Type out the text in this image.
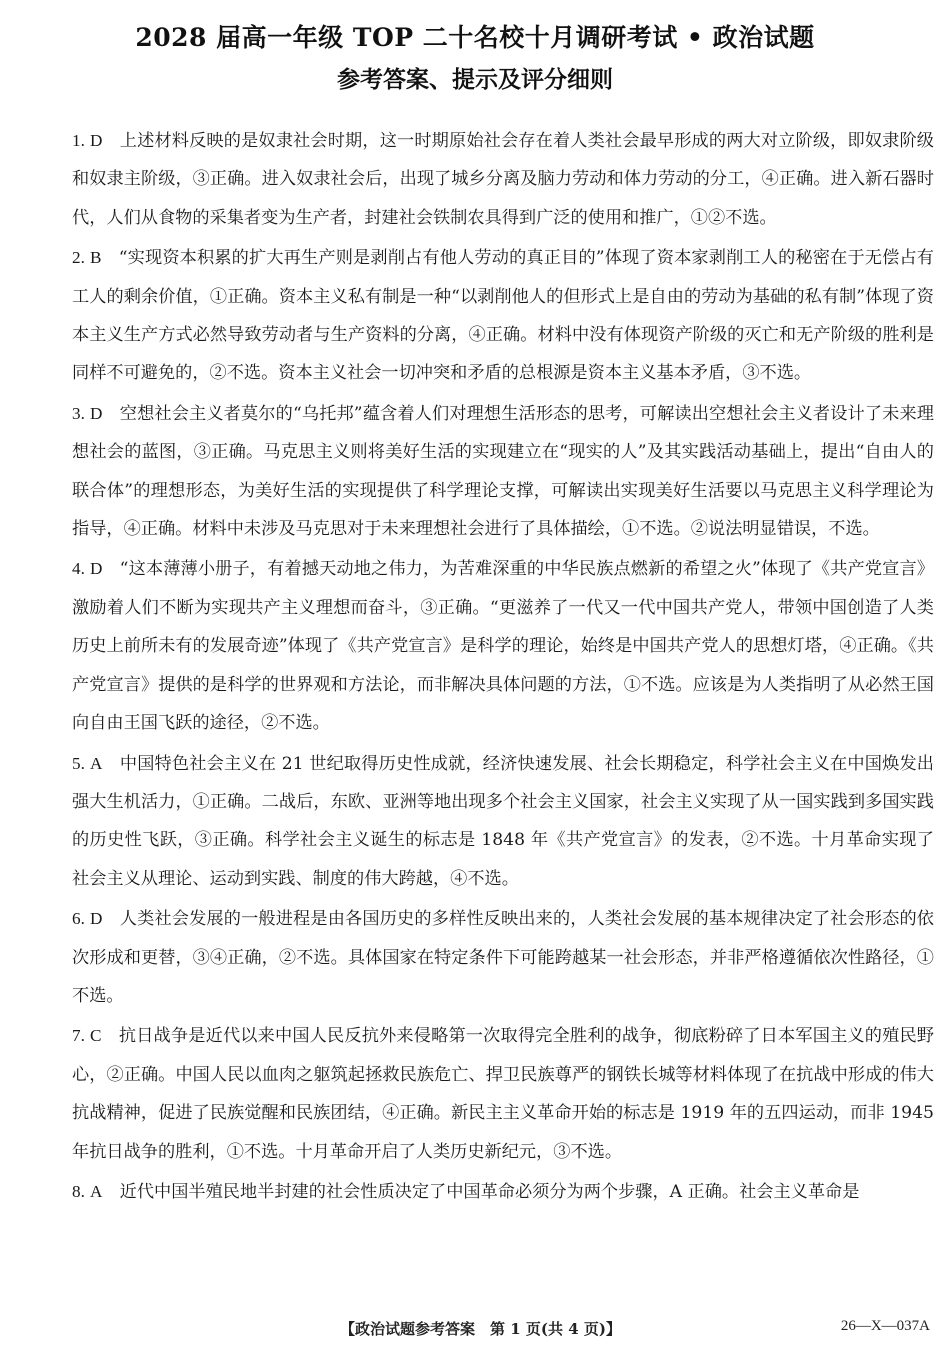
2028 届高一年级 TOP 二十名校十月调研考试 • 政治试题
参考答案、提示及评分细则

1. D 上述材料反映的是奴隶社会时期，这一时期原始社会存在着人类社会最早形成的两大对立阶级，即奴隶阶级和奴隶主阶级，③正确。进入奴隶社会后，出现了城乡分离及脑力劳动和体力劳动的分工，④正确。进入新石器时代，人们从食物的采集者变为生产者，封建社会铁制农具得到广泛的使用和推广，①②不选。

2. B “实现资本积累的扩大再生产则是剥削占有他人劳动的真正目的”体现了资本家剥削工人的秘密在于无偿占有工人的剩余价值，①正确。资本主义私有制是一种“以剥削他人的但形式上是自由的劳动为基础的私有制”体现了资本主义生产方式必然导致劳动者与生产资料的分离，④正确。材料中没有体现资产阶级的灭亡和无产阶级的胜利是同样不可避免的，②不选。资本主义社会一切冲突和矛盾的总根源是资本主义基本矛盾，③不选。

3. D 空想社会主义者莫尔的“乌托邦”蕴含着人们对理想生活形态的思考，可解读出空想社会主义者设计了未来理想社会的蓝图，③正确。马克思主义则将美好生活的实现建立在“现实的人”及其实践活动基础上，提出“自由人的联合体”的理想形态，为美好生活的实现提供了科学理论支撑，可解读出实现美好生活要以马克思主义科学理论为指导，④正确。材料中未涉及马克思对于未来理想社会进行了具体描绘，①不选。②说法明显错误，不选。

4. D “这本薄薄小册子，有着撼天动地之伟力，为苦难深重的中华民族点燃新的希望之火”体现了《共产党宣言》激励着人们不断为实现共产主义理想而奋斗，③正确。“更滋养了一代又一代中国共产党人，带领中国创造了人类历史上前所未有的发展奇迹”体现了《共产党宣言》是科学的理论，始终是中国共产党人的思想灯塔，④正确。《共产党宣言》提供的是科学的世界观和方法论，而非解决具体问题的方法，①不选。应该是为人类指明了从必然王国向自由王国飞跃的途径，②不选。

5. A 中国特色社会主义在 21 世纪取得历史性成就，经济快速发展、社会长期稳定，科学社会主义在中国焕发出强大生机活力，①正确。二战后，东欧、亚洲等地出现多个社会主义国家，社会主义实现了从一国实践到多国实践的历史性飞跃，③正确。科学社会主义诞生的标志是 1848 年《共产党宣言》的发表，②不选。十月革命实现了社会主义从理论、运动到实践、制度的伟大跨越，④不选。

6. D 人类社会发展的一般进程是由各国历史的多样性反映出来的，人类社会发展的基本规律决定了社会形态的依次形成和更替，③④正确，②不选。具体国家在特定条件下可能跨越某一社会形态，并非严格遵循依次性路径，①不选。

7. C 抗日战争是近代以来中国人民反抗外来侵略第一次取得完全胜利的战争，彻底粉碎了日本军国主义的殖民野心，②正确。中国人民以血肉之躯筑起拯救民族危亡、捍卫民族尊严的钢铁长城等材料体现了在抗战中形成的伟大抗战精神，促进了民族觉醒和民族团结，④正确。新民主主义革命开始的标志是 1919 年的五四运动，而非 1945 年抗日战争的胜利，①不选。十月革命开启了人类历史新纪元，③不选。

8. A 近代中国半殖民地半封建的社会性质决定了中国革命必须分为两个步骤，A 正确。社会主义革命是

【政治试题参考答案　第 1 页(共 4 页)】	26—X—037A
